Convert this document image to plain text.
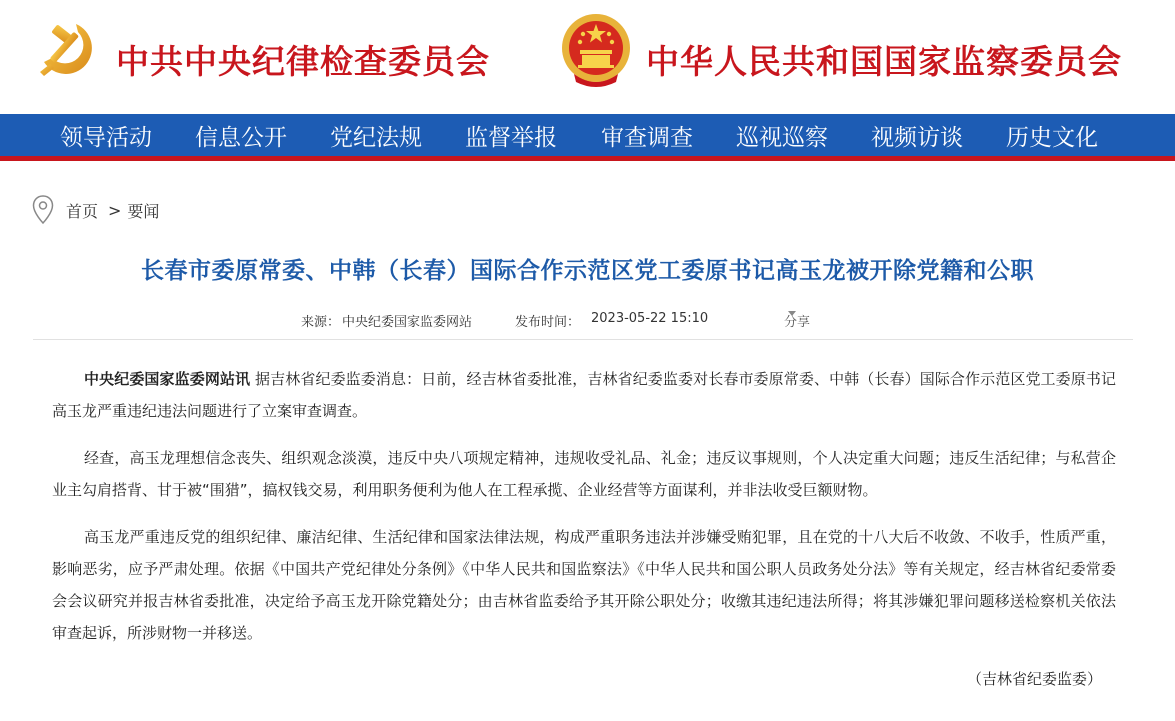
中共中央纪律检查委员会	中华人民共和国国家监察委员会
领导活动 信息公开 党纪法规 监督举报 审查调查 巡视巡察 视频访谈 历史文化
首页 > 要闻
长春市委原常委、中韩（长春）国际合作示范区党工委原书记高玉龙被开除党籍和公职
来源： 中央纪委国家监委网站	发布时间： 2023-05-22 15:10	分享

中央纪委国家监委网站讯 据吉林省纪委监委消息：日前，经吉林省委批准，吉林省纪委监委对长春市委原常委、中韩（长春）国际合作示范区党工委原书记高玉龙严重违纪违法问题进行了立案审查调查。

经查，高玉龙理想信念丧失、组织观念淡漠，违反中央八项规定精神，违规收受礼品、礼金；违反议事规则，个人决定重大问题；违反生活纪律；与私营企业主勾肩搭背、甘于被“围猎”，搞权钱交易，利用职务便利为他人在工程承揽、企业经营等方面谋利，并非法收受巨额财物。

高玉龙严重违反党的组织纪律、廉洁纪律、生活纪律和国家法律法规，构成严重职务违法并涉嫌受贿犯罪，且在党的十八大后不收敛、不收手，性质严重，影响恶劣，应予严肃处理。依据《中国共产党纪律处分条例》《中华人民共和国监察法》《中华人民共和国公职人员政务处分法》等有关规定，经吉林省纪委常委会会议研究并报吉林省委批准，决定给予高玉龙开除党籍处分；由吉林省监委给予其开除公职处分；收缴其违纪违法所得；将其涉嫌犯罪问题移送检察机关依法审查起诉，所涉财物一并移送。

（吉林省纪委监委）
